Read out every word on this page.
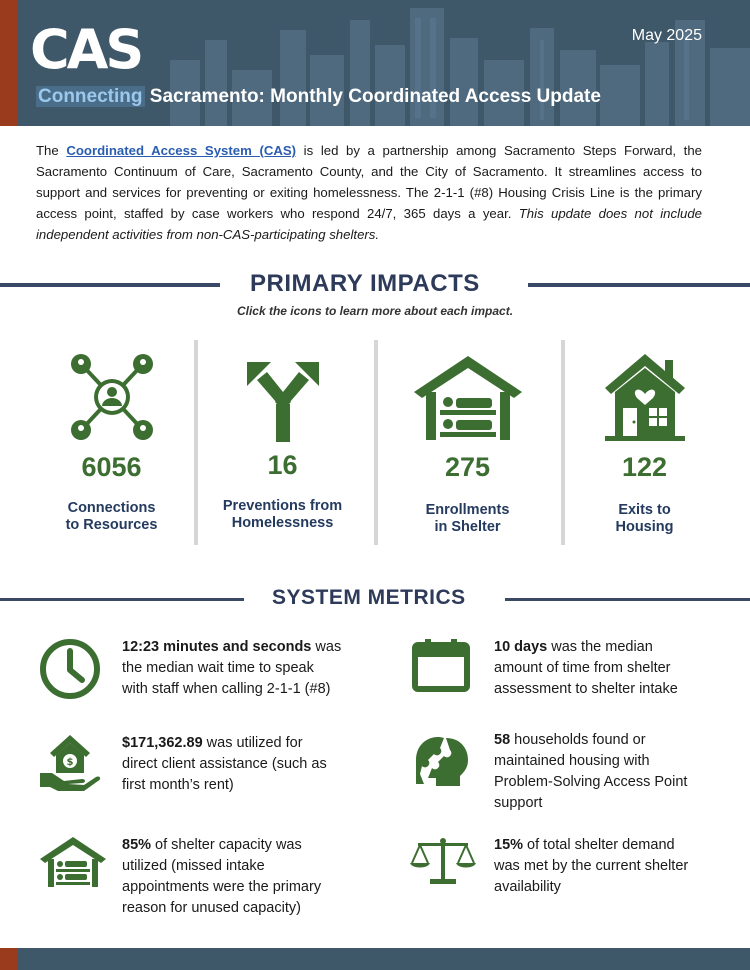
CAS	May 2025
Connecting Sacramento: Monthly Coordinated Access Update

The Coordinated Access System (CAS) is led by a partnership among Sacramento Steps Forward, the Sacramento Continuum of Care, Sacramento County, and the City of Sacramento. It streamlines access to support and services for preventing or exiting homelessness. The 2-1-1 (#8) Housing Crisis Line is the primary access point, staffed by case workers who respond 24/7, 365 days a year. This update does not include independent activities from non-CAS-participating shelters.

PRIMARY IMPACTS
Click the icons to learn more about each impact.
6056
Connections
to Resources
16
Preventions from
Homelessness
275
Enrollments
in Shelter
122
Exits to
Housing
SYSTEM METRICS
12:23 minutes and seconds was the median wait time to speak with staff when calling 2-1-1 (#8)
10 days was the median amount of time from shelter assessment to shelter intake
$
$171,362.89 was utilized for direct client assistance (such as first month’s rent)
58 households found or maintained housing with Problem-Solving Access Point support
85% of shelter capacity was utilized (missed intake appointments were the primary reason for unused capacity)
15% of total shelter demand was met by the current shelter availability
